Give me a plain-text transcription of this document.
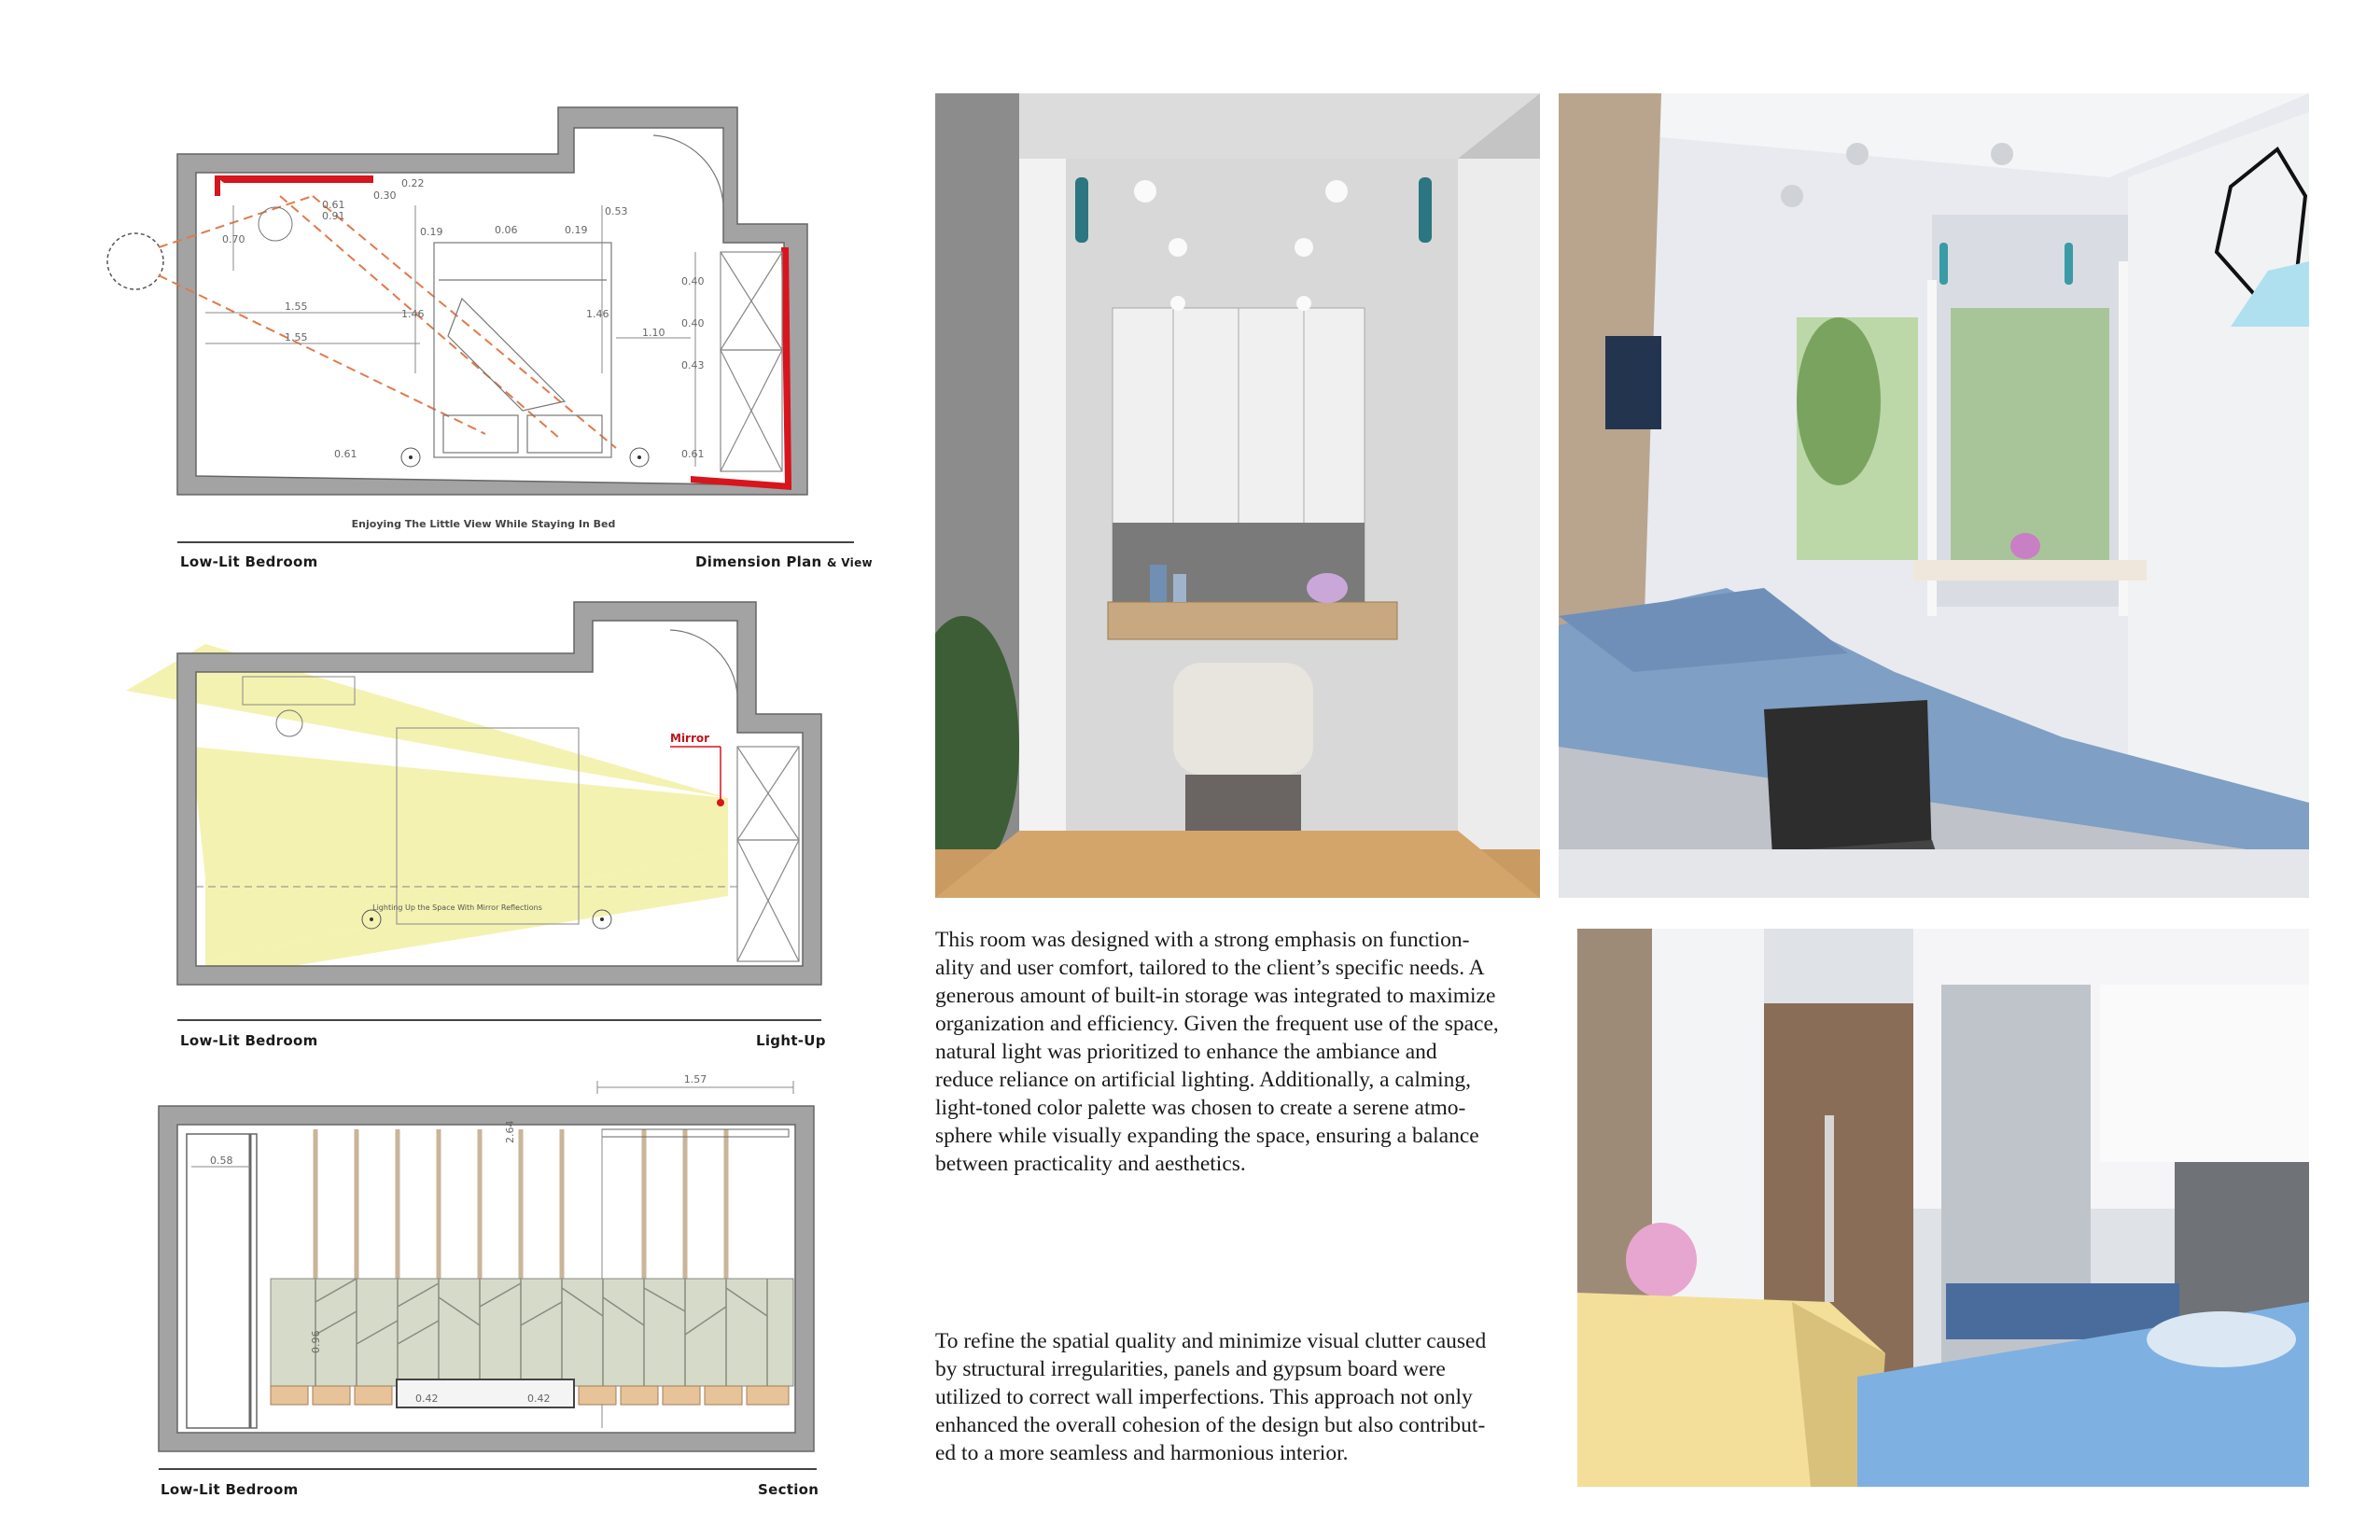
0.30
0.61
0.91
0.22
0.70
0.19	0.06	0.19
0.53
1.46	1.46
1.55
1.55	1.10
0.40
0.40
0.43
0.61	0.61
Enjoying The Little View While Staying In Bed
Low-Lit Bedroom	Dimension Plan & View
Mirror
Lighting Up the Space With Mirror Reflections
Low-Lit Bedroom	Light-Up
1.57
0.58
2.64
0.96
0.42	0.42
Low-Lit Bedroom	Section
This room was designed with a strong emphasis on function-
ality and user comfort, tailored to the client’s specific needs. A
generous amount of built-in storage was integrated to maximize
organization and efficiency. Given the frequent use of the space,
natural light was prioritized to enhance the ambiance and
reduce reliance on artificial lighting. Additionally, a calming,
light-toned color palette was chosen to create a serene atmo-
sphere while visually expanding the space, ensuring a balance
between practicality and aesthetics.
To refine the spatial quality and minimize visual clutter caused
by structural irregularities, panels and gypsum board were
utilized to correct wall imperfections. This approach not only
enhanced the overall cohesion of the design but also contribut-
ed to a more seamless and harmonious interior.
